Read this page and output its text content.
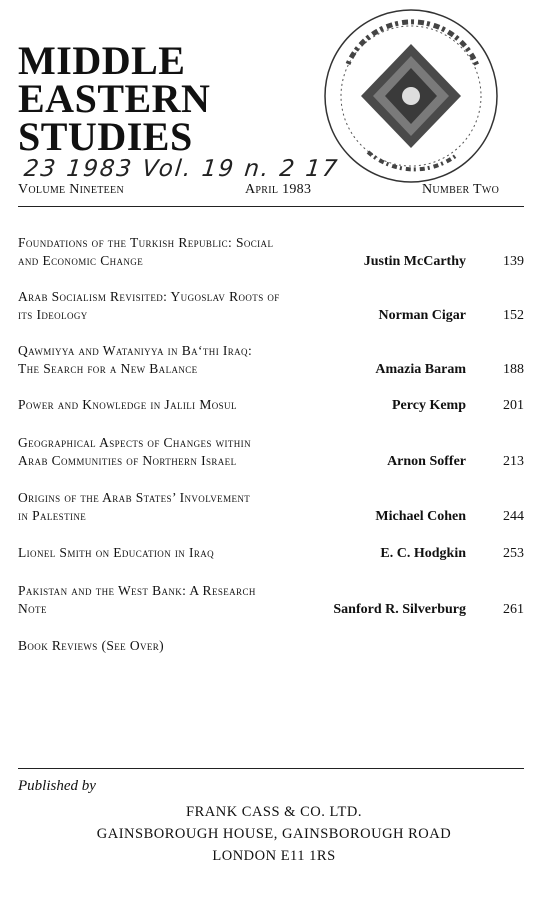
MIDDLE
EASTERN
STUDIES
23 1983 Vol. 19 n. 2 17
Volume Nineteen	April 1983	Number Two
Foundations of the Turkish Republic: Social
and Economic Change	Justin McCarthy	139
Arab Socialism Revisited: Yugoslav Roots of
its Ideology	Norman Cigar	152
Qawmiyya and Wataniyya in Ba‘thi Iraq:
The Search for a New Balance	Amazia Baram	188
Power and Knowledge in Jalili Mosul	Percy Kemp	201
Geographical Aspects of Changes within
Arab Communities of Northern Israel	Arnon Soffer	213
Origins of the Arab States’ Involvement
in Palestine	Michael Cohen	244
Lionel Smith on Education in Iraq	E. C. Hodgkin	253
Pakistan and the West Bank: A Research
Note	Sanford R. Silverburg	261
Book Reviews (See Over)
Published by
FRANK CASS & CO. LTD.
GAINSBOROUGH HOUSE, GAINSBOROUGH ROAD
LONDON E11 1RS
